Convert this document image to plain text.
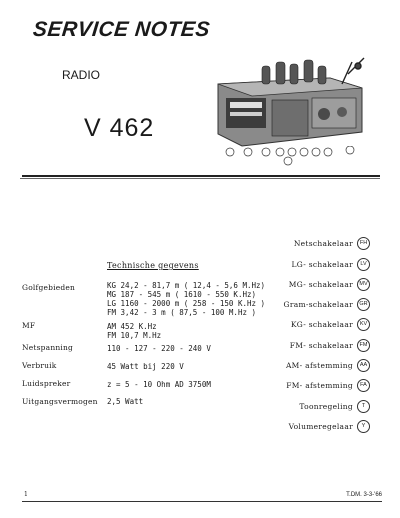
SERVICE NOTES
RADIO
V 462
Technische gegevens
Golfgebieden	KG 24,2 - 81,7 m ( 12,4 - 5,6 M.Hz)
MG 187 - 545 m ( 1610 - 550 K.Hz)
LG 1160 - 2000 m ( 258 - 150 K.Hz )
FM 3,42 - 3 m ( 87,5 - 100 M.Hz )
MF	AM 452 K.Hz
FM 10,7 M.Hz
Netspanning	110 - 127 - 220 - 240 V
Verbruik	45 Watt bij 220 V
Luidspreker	z = 5 - 10 Ohm AD 3750M
Uitgangsvermogen 2,5 Watt
Netschakelaar	FH
LG- schakelaar	LV
MG- schakelaar	MV
Gram-schakelaar	GR
KG- schakelaar	KV
FM- schakelaar	FM
AM- afstemming	AA
FM- afstemming	FA
Toonregeling	T
Volumeregelaar	Y
1	T.DM. 3-3-'66
